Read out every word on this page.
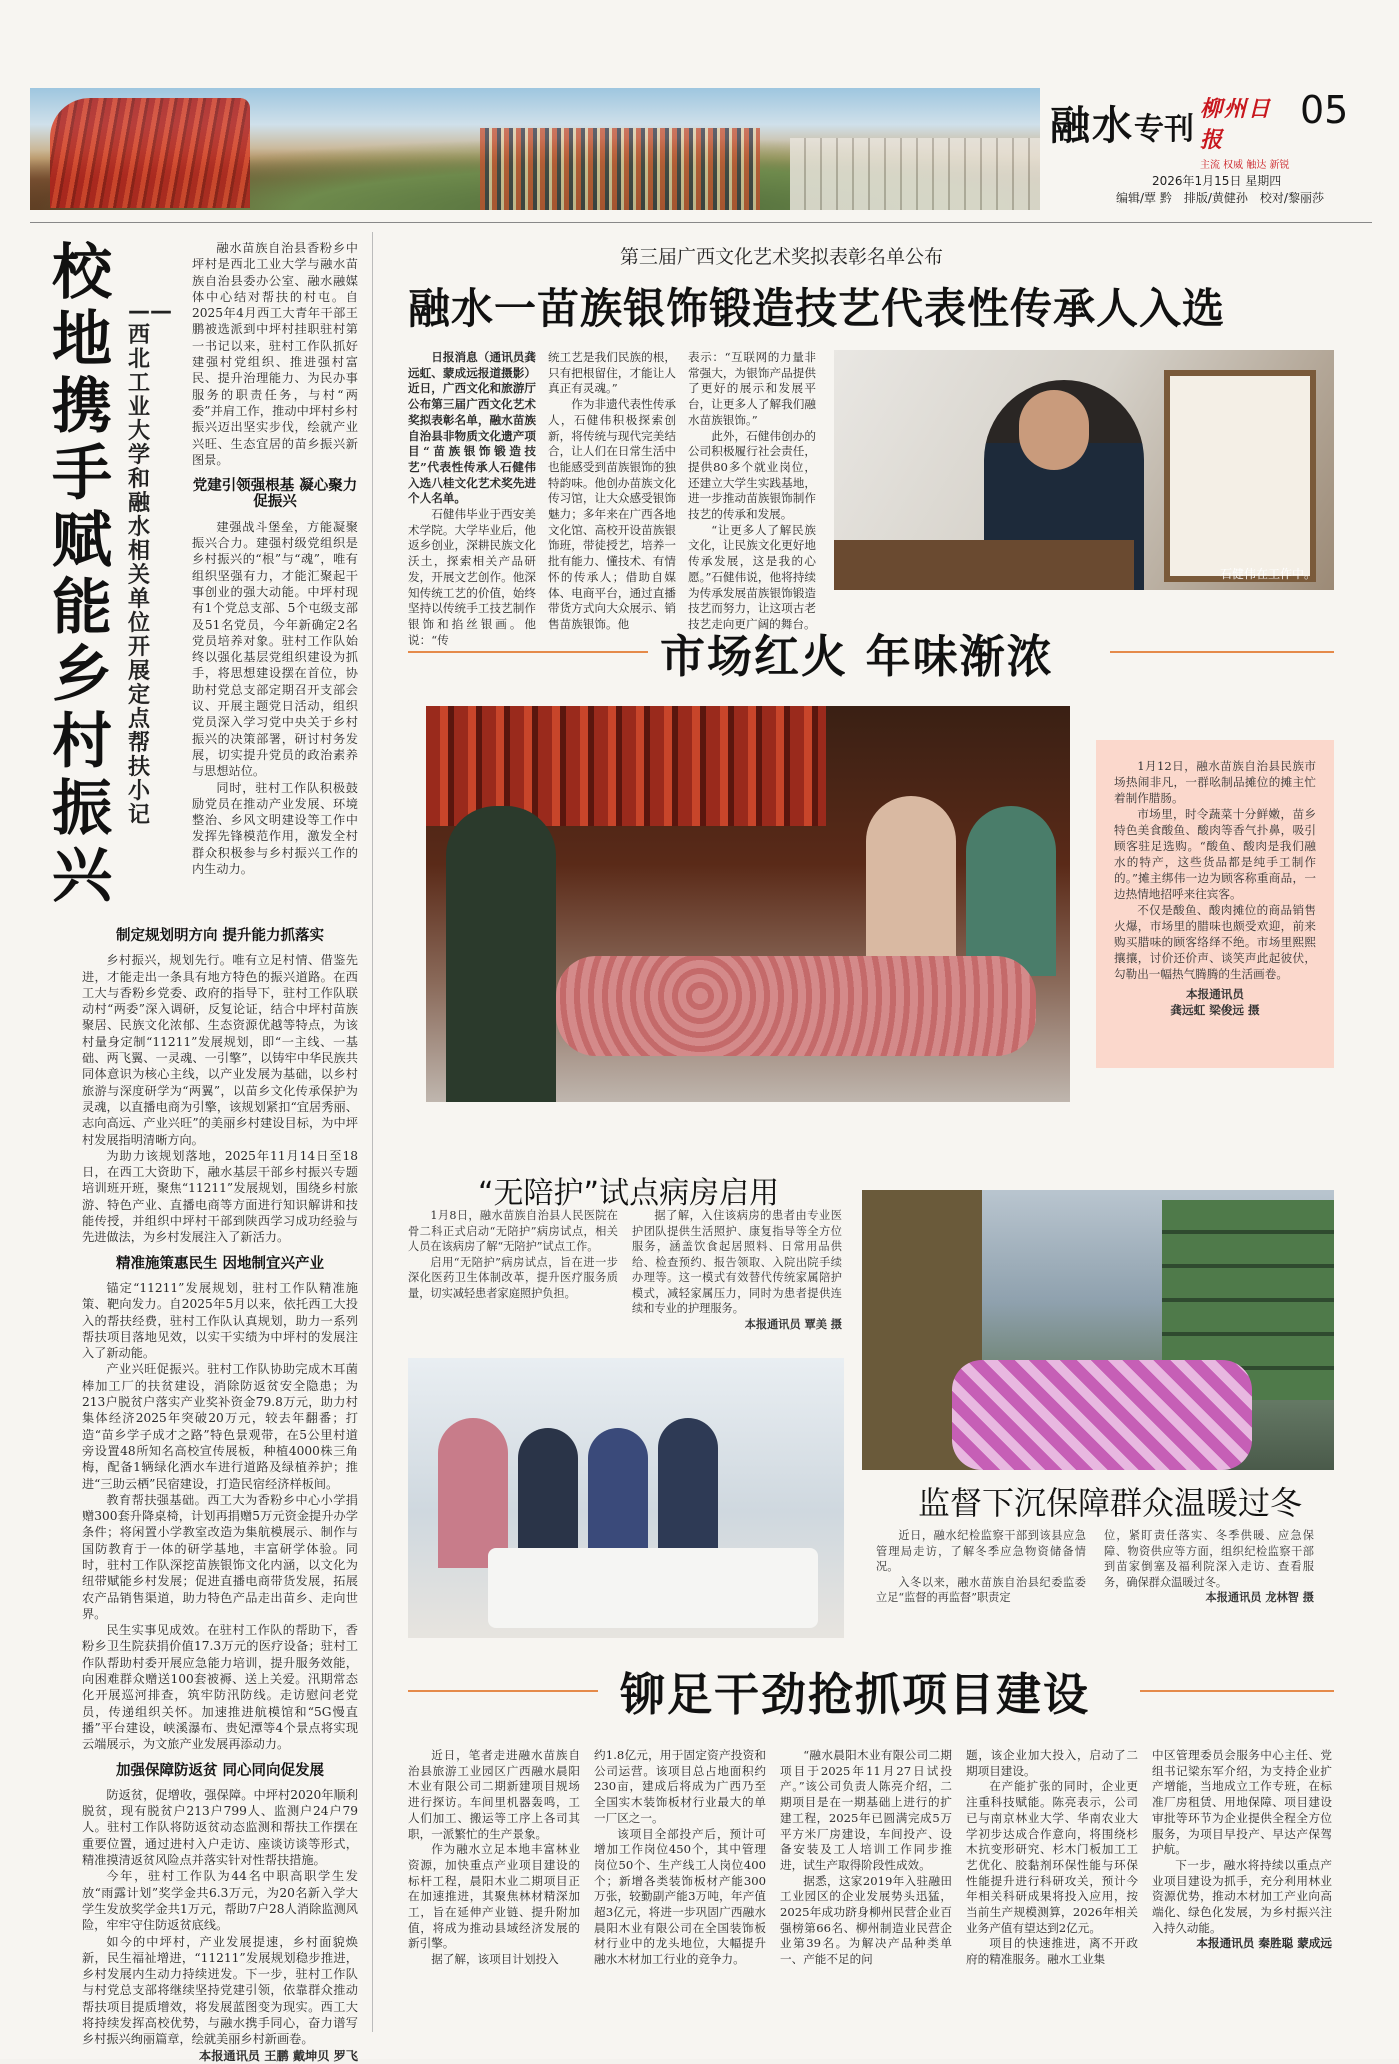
融水专刊
柳州日报
主流 权威 触达 新锐
05
2026年1月15日 星期四
编辑/覃 黔　排版/黄健孙　校对/黎丽莎
校地携手赋能乡村振兴
——西北工业大学和融水相关单位开展定点帮扶小记

融水苗族自治县香粉乡中坪村是西北工业大学与融水苗族自治县委办公室、融水融媒体中心结对帮扶的村屯。自2025年4月西工大青年干部王鹏被选派到中坪村挂职驻村第一书记以来，驻村工作队抓好建强村党组织、推进强村富民、提升治理能力、为民办事服务的职责任务，与村“两委”并肩工作，推动中坪村乡村振兴迈出坚实步伐，绘就产业兴旺、生态宜居的苗乡振兴新图景。

党建引领强根基 凝心聚力促振兴

建强战斗堡垒，方能凝聚振兴合力。建强村级党组织是乡村振兴的“根”与“魂”，唯有组织坚强有力，才能汇聚起干事创业的强大动能。中坪村现有1个党总支部、5个屯级支部及51名党员，今年新确定2名党员培养对象。驻村工作队始终以强化基层党组织建设为抓手，将思想建设摆在首位，协助村党总支部定期召开支部会议、开展主题党日活动，组织党员深入学习党中央关于乡村振兴的决策部署，研讨村务发展，切实提升党员的政治素养与思想站位。

同时，驻村工作队积极鼓励党员在推动产业发展、环境整治、乡风文明建设等工作中发挥先锋模范作用，激发全村群众积极参与乡村振兴工作的内生动力。

制定规划明方向 提升能力抓落实

乡村振兴，规划先行。唯有立足村情、借鉴先进，才能走出一条具有地方特色的振兴道路。在西工大与香粉乡党委、政府的指导下，驻村工作队联动村“两委”深入调研，反复论证，结合中坪村苗族聚居、民族文化浓郁、生态资源优越等特点，为该村量身定制“11211”发展规划，即“一主线、一基础、两飞翼、一灵魂、一引擎”，以铸牢中华民族共同体意识为核心主线，以产业发展为基础，以乡村旅游与深度研学为“两翼”，以苗乡文化传承保护为灵魂，以直播电商为引擎，该规划紧扣“宜居秀丽、志向高远、产业兴旺”的美丽乡村建设目标，为中坪村发展指明清晰方向。

为助力该规划落地，2025年11月14日至18日，在西工大资助下，融水基层干部乡村振兴专题培训班开班，聚焦“11211”发展规划，围绕乡村旅游、特色产业、直播电商等方面进行知识解讲和技能传授，并组织中坪村干部到陕西学习成功经验与先进做法，为乡村发展注入了新活力。

精准施策惠民生 因地制宜兴产业

锚定“11211”发展规划，驻村工作队精准施策、靶向发力。自2025年5月以来，依托西工大投入的帮扶经费，驻村工作队认真规划，助力一系列帮扶项目落地见效，以实干实绩为中坪村的发展注入了新动能。

产业兴旺促振兴。驻村工作队协助完成木耳菌棒加工厂的扶贫建设，消除防返贫安全隐患；为213户脱贫户落实产业奖补资金79.8万元，助力村集体经济2025年突破20万元，较去年翻番；打造“苗乡学子成才之路”特色景观带，在5公里村道旁设置48所知名高校宣传展板，种植4000株三角梅，配备1辆绿化洒水车进行道路及绿植养护；推进“三助云栖”民宿建设，打造民宿经济样板间。

教育帮扶强基础。西工大为香粉乡中心小学捐赠300套升降桌椅，计划再捐赠5万元资金提升办学条件；将闲置小学教室改造为集航模展示、制作与国防教育于一体的研学基地，丰富研学体验。同时，驻村工作队深挖苗族银饰文化内涵，以文化为纽带赋能乡村发展；促进直播电商带货发展，拓展农产品销售渠道，助力特色产品走出苗乡、走向世界。

民生实事见成效。在驻村工作队的帮助下，香粉乡卫生院获捐价值17.3万元的医疗设备；驻村工作队帮助村委开展应急能力培训，提升服务效能，向困难群众赠送100套被褥、送上关爱。汛期常态化开展巡河排查，筑牢防汛防线。走访慰问老党员，传递组织关怀。加速推进航模馆和“5G慢直播”平台建设，峡溪瀑布、贵妃潭等4个景点将实现云端展示，为文旅产业发展再添动力。

加强保障防返贫 同心同向促发展

防返贫，促增收，强保障。中坪村2020年顺利脱贫，现有脱贫户213户799人、监测户24户79人。驻村工作队将防返贫动态监测和帮扶工作摆在重要位置，通过进村入户走访、座谈访谈等形式，精准摸清返贫风险点并落实针对性帮扶措施。

今年，驻村工作队为44名中职高职学生发放“雨露计划”奖学金共6.3万元，为20名新入学大学生发放奖学金共1万元，帮助7户28人消除监测风险，牢牢守住防返贫底线。

如今的中坪村，产业发展提速，乡村面貌焕新，民生福祉增进，“11211”发展规划稳步推进，乡村发展内生动力持续迸发。下一步，驻村工作队与村党总支部将继续坚持党建引领，依靠群众推动帮扶项目提质增效，将发展蓝图变为现实。西工大将持续发挥高校优势，与融水携手同心，奋力谱写乡村振兴绚丽篇章，绘就美丽乡村新画卷。

本报通讯员 王鹏 戴坤贝 罗飞

第三届广西文化艺术奖拟表彰名单公布
融水一苗族银饰锻造技艺代表性传承人入选

日报消息（通讯员龚远虹、蒙成远报道摄影）近日，广西文化和旅游厅公布第三届广西文化艺术奖拟表彰名单，融水苗族自治县非物质文化遗产项目“苗族银饰锻造技艺”代表性传承人石健伟入选八桂文化艺术奖先进个人名单。

石健伟毕业于西安美术学院。大学毕业后，他返乡创业，深耕民族文化沃土，探索相关产品研发，开展文艺创作。他深知传统工艺的价值，始终坚持以传统手工技艺制作银饰和掐丝银画。他说：“传

统工艺是我们民族的根，只有把根留住，才能让人真正有灵魂。”

作为非遗代表性传承人，石健伟积极探索创新，将传统与现代完美结合，让人们在日常生活中也能感受到苗族银饰的独特韵味。他创办苗族文化传习馆，让大众感受银饰魅力；多年来在广西各地文化馆、高校开设苗族银饰班，带徒授艺，培养一批有能力、懂技术、有情怀的传承人；借助自媒体、电商平台，通过直播带货方式向大众展示、销售苗族银饰。他

表示：“互联网的力量非常强大，为银饰产品提供了更好的展示和发展平台，让更多人了解我们融水苗族银饰。”

此外，石健伟创办的公司积极履行社会责任，提供80多个就业岗位，还建立大学生实践基地，进一步推动苗族银饰制作技艺的传承和发展。

“让更多人了解民族文化，让民族文化更好地传承发展，这是我的心愿。”石健伟说，他将持续为传承发展苗族银饰锻造技艺而努力，让这项古老技艺走向更广阔的舞台。

石健伟在工作中。
市场红火 年味渐浓

1月12日，融水苗族自治县民族市场热闹非凡，一群吆制品摊位的摊主忙着制作腊肠。

市场里，时令蔬菜十分鲜嫩，苗乡特色美食酸鱼、酸肉等香气扑鼻，吸引顾客驻足选购。“酸鱼、酸肉是我们融水的特产，这些货品都是纯手工制作的。”摊主绑伟一边为顾客称重商品，一边热情地招呼来往宾客。

不仅是酸鱼、酸肉摊位的商品销售火爆，市场里的腊味也颇受欢迎，前来购买腊味的顾客络绎不绝。市场里熙熙攘攘，讨价还价声、谈笑声此起彼伏，勾勒出一幅热气腾腾的生活画卷。

本报通讯员

龚远虹 梁俊远 摄

“无陪护”试点病房启用

1月8日，融水苗族自治县人民医院在骨二科正式启动“无陪护”病房试点，相关人员在该病房了解“无陪护”试点工作。

启用“无陪护”病房试点，旨在进一步深化医药卫生体制改革，提升医疗服务质量，切实减轻患者家庭照护负担。

据了解，入住该病房的患者由专业医护团队提供生活照护、康复指导等全方位服务，涵盖饮食起居照料、日常用品供给、检查预约、报告领取、入院出院手续办理等。这一模式有效替代传统家属陪护模式，减轻家属压力，同时为患者提供连续和专业的护理服务。

本报通讯员 覃美 摄

监督下沉保障群众温暖过冬

近日，融水纪检监察干部到该县应急管理局走访，了解冬季应急物资储备情况。

入冬以来，融水苗族自治县纪委监委立足“监督的再监督”职责定

位，紧盯责任落实、冬季供暖、应急保障、物资供应等方面，组织纪检监察干部到苗家倒塞及福利院深入走访、查看服务，确保群众温暖过冬。

本报通讯员 龙林智 摄

铆足干劲抢抓项目建设

近日，笔者走进融水苗族自治县旅游工业园区广西融水晨阳木业有限公司二期新建项目规场进行探访。车间里机器轰鸣，工人们加工、搬运等工序上各司其职，一派繁忙的生产景象。

作为融水立足本地丰富林业资源，加快重点产业项目建设的标杆工程，晨阳木业二期项目正在加速推进，其聚焦林材精深加工，旨在延伸产业链、提升附加值，将成为推动县域经济发展的新引擎。

据了解，该项目计划投入

约1.8亿元，用于固定资产投资和公司运营。该项目总占地面积约230亩，建成后将成为广西乃至全国实木装饰板材行业最大的单一厂区之一。

该项目全部投产后，预计可增加工作岗位450个，其中管理岗位50个、生产线工人岗位400个；新增各类装饰板材产能300万张，较勤副产能3万吨，年产值超3亿元，将进一步巩固广西融水晨阳木业有限公司在全国装饰板材行业中的龙头地位，大幅提升融水木材加工行业的竞争力。

“融水晨阳木业有限公司二期项目于2025年11月27日试投产。”该公司负责人陈亮介绍，二期项目是在一期基础上进行的扩建工程，2025年已圆满完成5万平方米厂房建设，车间投产、设备安装及工人培训工作同步推进，试生产取得阶段性成效。

据悉，这家2019年入驻融田工业园区的企业发展势头迅猛，2025年成功跻身柳州民营企业百强榜第66名、柳州制造业民营企业第39名。为解决产品种类单一、产能不足的问

题，该企业加大投入，启动了二期项目建设。

在产能扩张的同时，企业更注重科技赋能。陈亮表示，公司已与南京林业大学、华南农业大学初步达成合作意向，将围绕杉木抗变形研究、杉木门板加工工艺优化、胶黏剂环保性能与环保性能提升进行科研攻关，预计今年相关科研成果将投入应用，按当前生产规模测算，2026年相关业务产值有望达到2亿元。

项目的快速推进，离不开政府的精准服务。融水工业集

中区管理委员会服务中心主任、党组书记梁东军介绍，为支持企业扩产增能，当地成立工作专班，在标准厂房租赁、用地保障、项目建设审批等环节为企业提供全程全方位服务，为项目早投产、早达产保驾护航。

下一步，融水将持续以重点产业项目建设为抓手，充分利用林业资源优势，推动木材加工产业向高端化、绿色化发展，为乡村振兴注入持久动能。

本报通讯员 秦胜聪 蒙成远
